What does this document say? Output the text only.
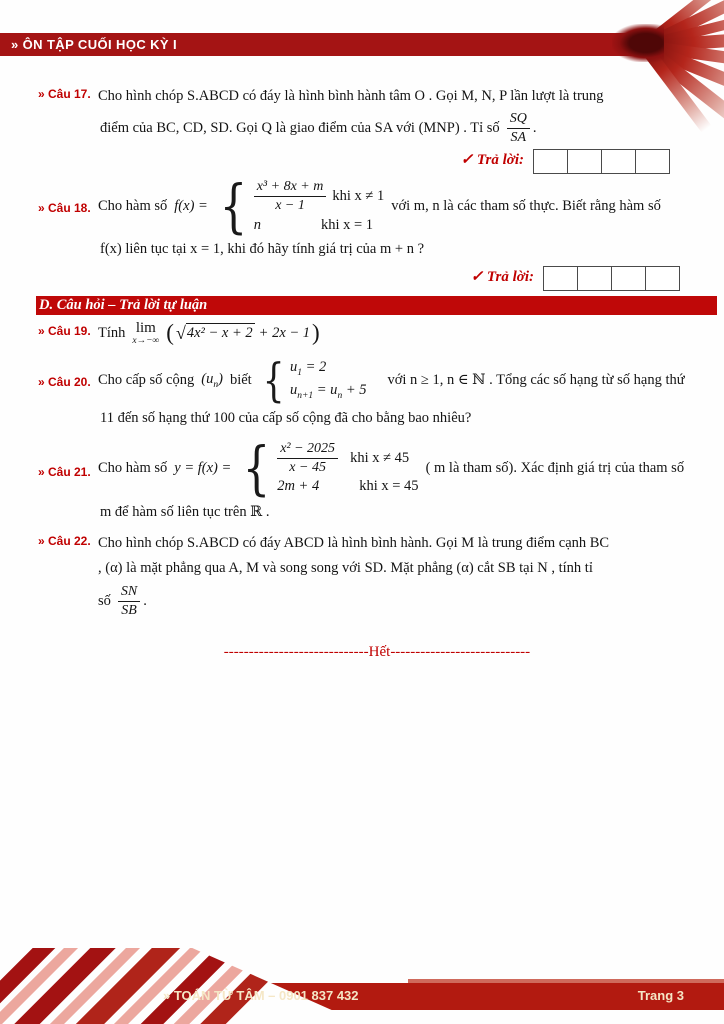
» ÔN TẬP CUỐI HỌC KỲ I
» Câu 17. Cho hình chóp S.ABCD có đáy là hình bình hành tâm O . Gọi M, N, P lần lượt là trung
điểm của BC, CD, SD. Gọi Q là giao điểm của SA với (MNP) . Tỉ số $\frac{SQ}{SA}$ .
✓ Trả lời:
» Câu 18. Cho hàm số f(x) = { $\frac{\text{x³ + 8x + m}}{x - 1}$ khi x ≠ 1
n	khi x = 1
với m, n là các tham số thực. Biết rằng hàm số
f(x) liên tục tại x = 1, khi đó hãy tính giá trị của m + n ?
✓ Trả lời:
D. Câu hỏi – Trả lời tự luận
» Câu 19. Tính lim
x→−∞ ( √ 4x² − x + 2 + 2x − 1 )
» Câu 20. Cho cấp số cộng $(u_n)$ biết { $u_1 = 2$
$u_{n+1} = u_n + 5$
với n ≥ 1, n ∈ ℕ . Tổng các số hạng từ số hạng thứ
11 đến số hạng thứ 100 của cấp số cộng đã cho bằng bao nhiêu?
» Câu 21. Cho hàm số y = f(x) = { $\frac{\text{x² − 2025}}{x - 45}$ khi x ≠ 45
2m + 4	khi x = 45
( m là tham số). Xác định giá trị của tham số
m để hàm số liên tục trên ℝ .
» Câu 22. Cho hình chóp S.ABCD có đáy ABCD là hình bình hành. Gọi M là trung điểm cạnh BC
, (α) là mặt phẳng qua A, M và song song với SD. Mặt phẳng (α) cắt SB tại N , tính tỉ
số $\frac{SN}{SB}$ .
-----------------------------Hết----------------------------
» TOÁN TỪ TÂM – 0901 837 432	Trang 3
